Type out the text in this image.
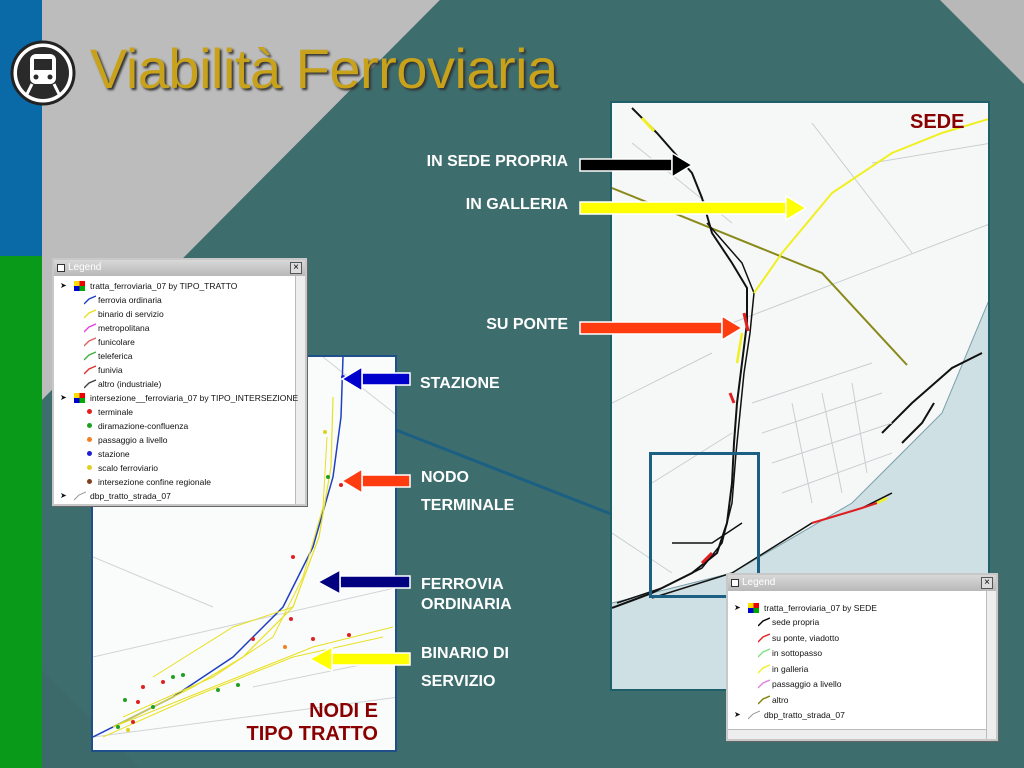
Viabilità Ferroviaria
SEDE
NODI E
TIPO TRATTO
IN SEDE PROPRIA
IN GALLERIA
SU PONTE
STAZIONE
NODO
TERMINALE
FERROVIA
ORDINARIA
BINARIO DI
SERVIZIO
Legend	×
➤	tratta_ferroviaria_07 by TIPO_TRATTO
ferrovia ordinaria
binario di servizio
metropolitana
funicolare
teleferica
funivia
altro (industriale)
➤	intersezione__ferroviaria_07 by TIPO_INTERSEZIONE
terminale
diramazione-confluenza
passaggio a livello
stazione
scalo ferroviario
intersezione confine regionale
➤	dbp_tratto_strada_07
Legend	×
➤	tratta_ferroviaria_07 by SEDE
sede propria
su ponte, viadotto
in sottopasso
in galleria
passaggio a livello
altro
➤	dbp_tratto_strada_07
